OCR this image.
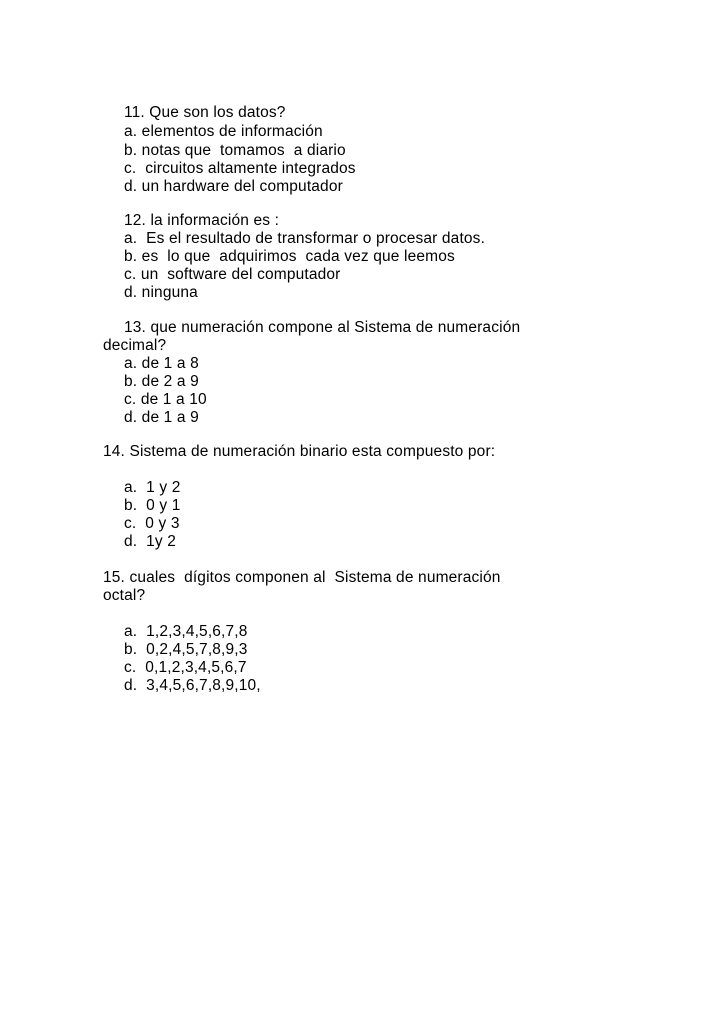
11. Que son los datos?
a. elementos de información
b. notas que  tomamos  a diario
c.  circuitos altamente integrados
d. un hardware del computador
12. la información es :
a.  Es el resultado de transformar o procesar datos.
b. es  lo que  adquirimos  cada vez que leemos
c. un  software del computador
d. ninguna
13. que numeración compone al Sistema de numeración
decimal?
a. de 1 a 8
b. de 2 a 9
c. de 1 a 10
d. de 1 a 9
14. Sistema de numeración binario esta compuesto por:
a.  1 y 2
b.  0 y 1
c.  0 y 3
d.  1y 2
15. cuales  dígitos componen al  Sistema de numeración
octal?
a.  1,2,3,4,5,6,7,8
b.  0,2,4,5,7,8,9,3
c.  0,1,2,3,4,5,6,7
d.  3,4,5,6,7,8,9,10,
